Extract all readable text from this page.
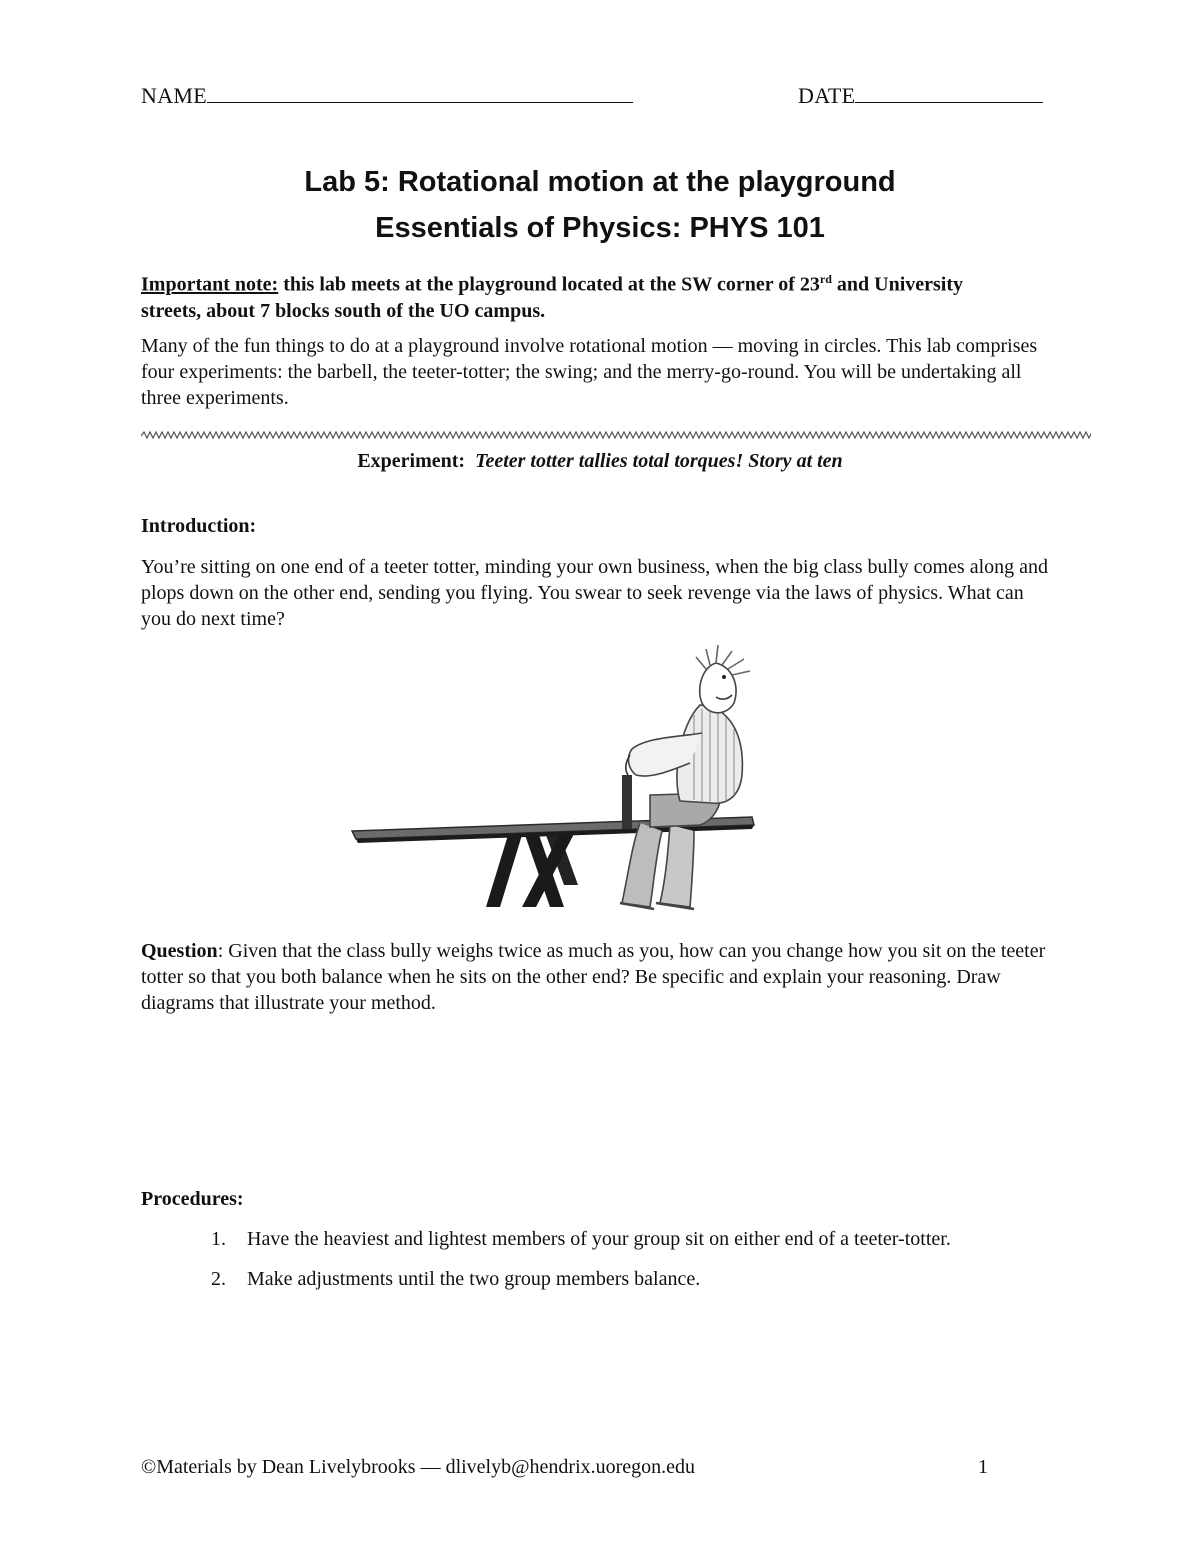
NAME	DATE
Lab 5: Rotational motion at the playground
Essentials of Physics: PHYS 101
Important note: this lab meets at the playground located at the SW corner of 23rd and University streets, about 7 blocks south of the UO campus.
Many of the fun things to do at a playground involve rotational motion — moving in circles. This lab comprises four experiments: the barbell, the teeter-totter; the swing; and the merry-go-round. You will be undertaking all three experiments.
Experiment: Teeter totter tallies total torques! Story at ten
Introduction:
You’re sitting on one end of a teeter totter, minding your own business, when the big class bully comes along and plops down on the other end, sending you flying. You swear to seek revenge via the laws of physics. What can you do next time?
Question: Given that the class bully weighs twice as much as you, how can you change how you sit on the teeter totter so that you both balance when he sits on the other end? Be specific and explain your reasoning. Draw diagrams that illustrate your method.
Procedures:
1.	Have the heaviest and lightest members of your group sit on either end of a teeter-totter.
2.	Make adjustments until the two group members balance.
©Materials by Dean Livelybrooks — dlivelyb@hendrix.uoregon.edu	1
